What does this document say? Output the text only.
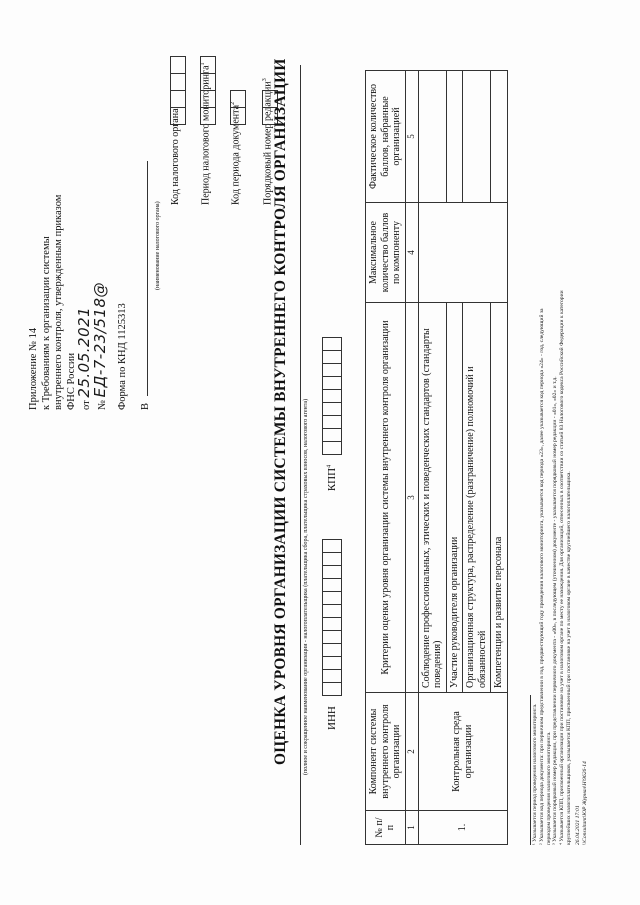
Приложение № 14 к Требованиям к организации системы внутреннего контроля, утвержденным приказом ФНС России от 25.05.2021
№ ЕД-7-23/518@ Форма по КНД 1125313 В
(наименование налогового органа)
Код налогового органа Период налогового мониторинга$^1$
Код периода документа$^2$	Порядковый номер редакции$^3$ ОЦЕНКА УРОВНЯ ОРГАНИЗАЦИИ СИСТЕМЫ ВНУТРЕННЕГО КОНТРОЛЯ ОРГАНИЗАЦИИ (полное и сокращенное наименование организации - налогоплательщика (плательщика сбора, плательщика страховых взносов, налогового агента) ИНН
КПП$^4$
№ п/п	Компонент системы внутреннего контроля организации	Критерии оценки уровня организации системы внутреннего контроля организации	Максимальное количество баллов по компоненту	Фактическое количество баллов, набранные организацией
1	2	3	4	5
1.	Контрольная среда организации	Соблюдение профессиональных, этических и поведенческих стандартов (стандарты поведения)		
		Участие руководителя организации		
		Организационная структура, распределение (разграничение) полномочий и обязанностей		
		Компетенции и развитие персонала		
¹ Указывается период проведения налогового мониторинга. ² Указывается код периода документа: при первичном представлении в год, предшествующий году проведения налогового мониторинга, указывается код периода «23», далее указывается код периода «24» - год, следующий за периодом проведения налогового мониторинга. ³ Указывается порядковый номер редакции, при представлении первичного документа - «00», в последующем (уточненном) документе - указывается порядковый номер редакции - «01», «02» и т.д. ⁴ Указывается КПП, присвоенный организации при постановке на учет в налоговом органе по месту ее нахождения. Для организаций, отнесенных в соответствии со статьей 83 Налогового кодекса Российской Федерации к категории крупнейших налогоплательщиков, указывается КПП, присвоенный при постановке на учет в налоговом органе в качестве крупнейшего налогоплательщика. 26.04.2021 17:01 \\Consultant\ЮР Журнал\Н\9626-14
